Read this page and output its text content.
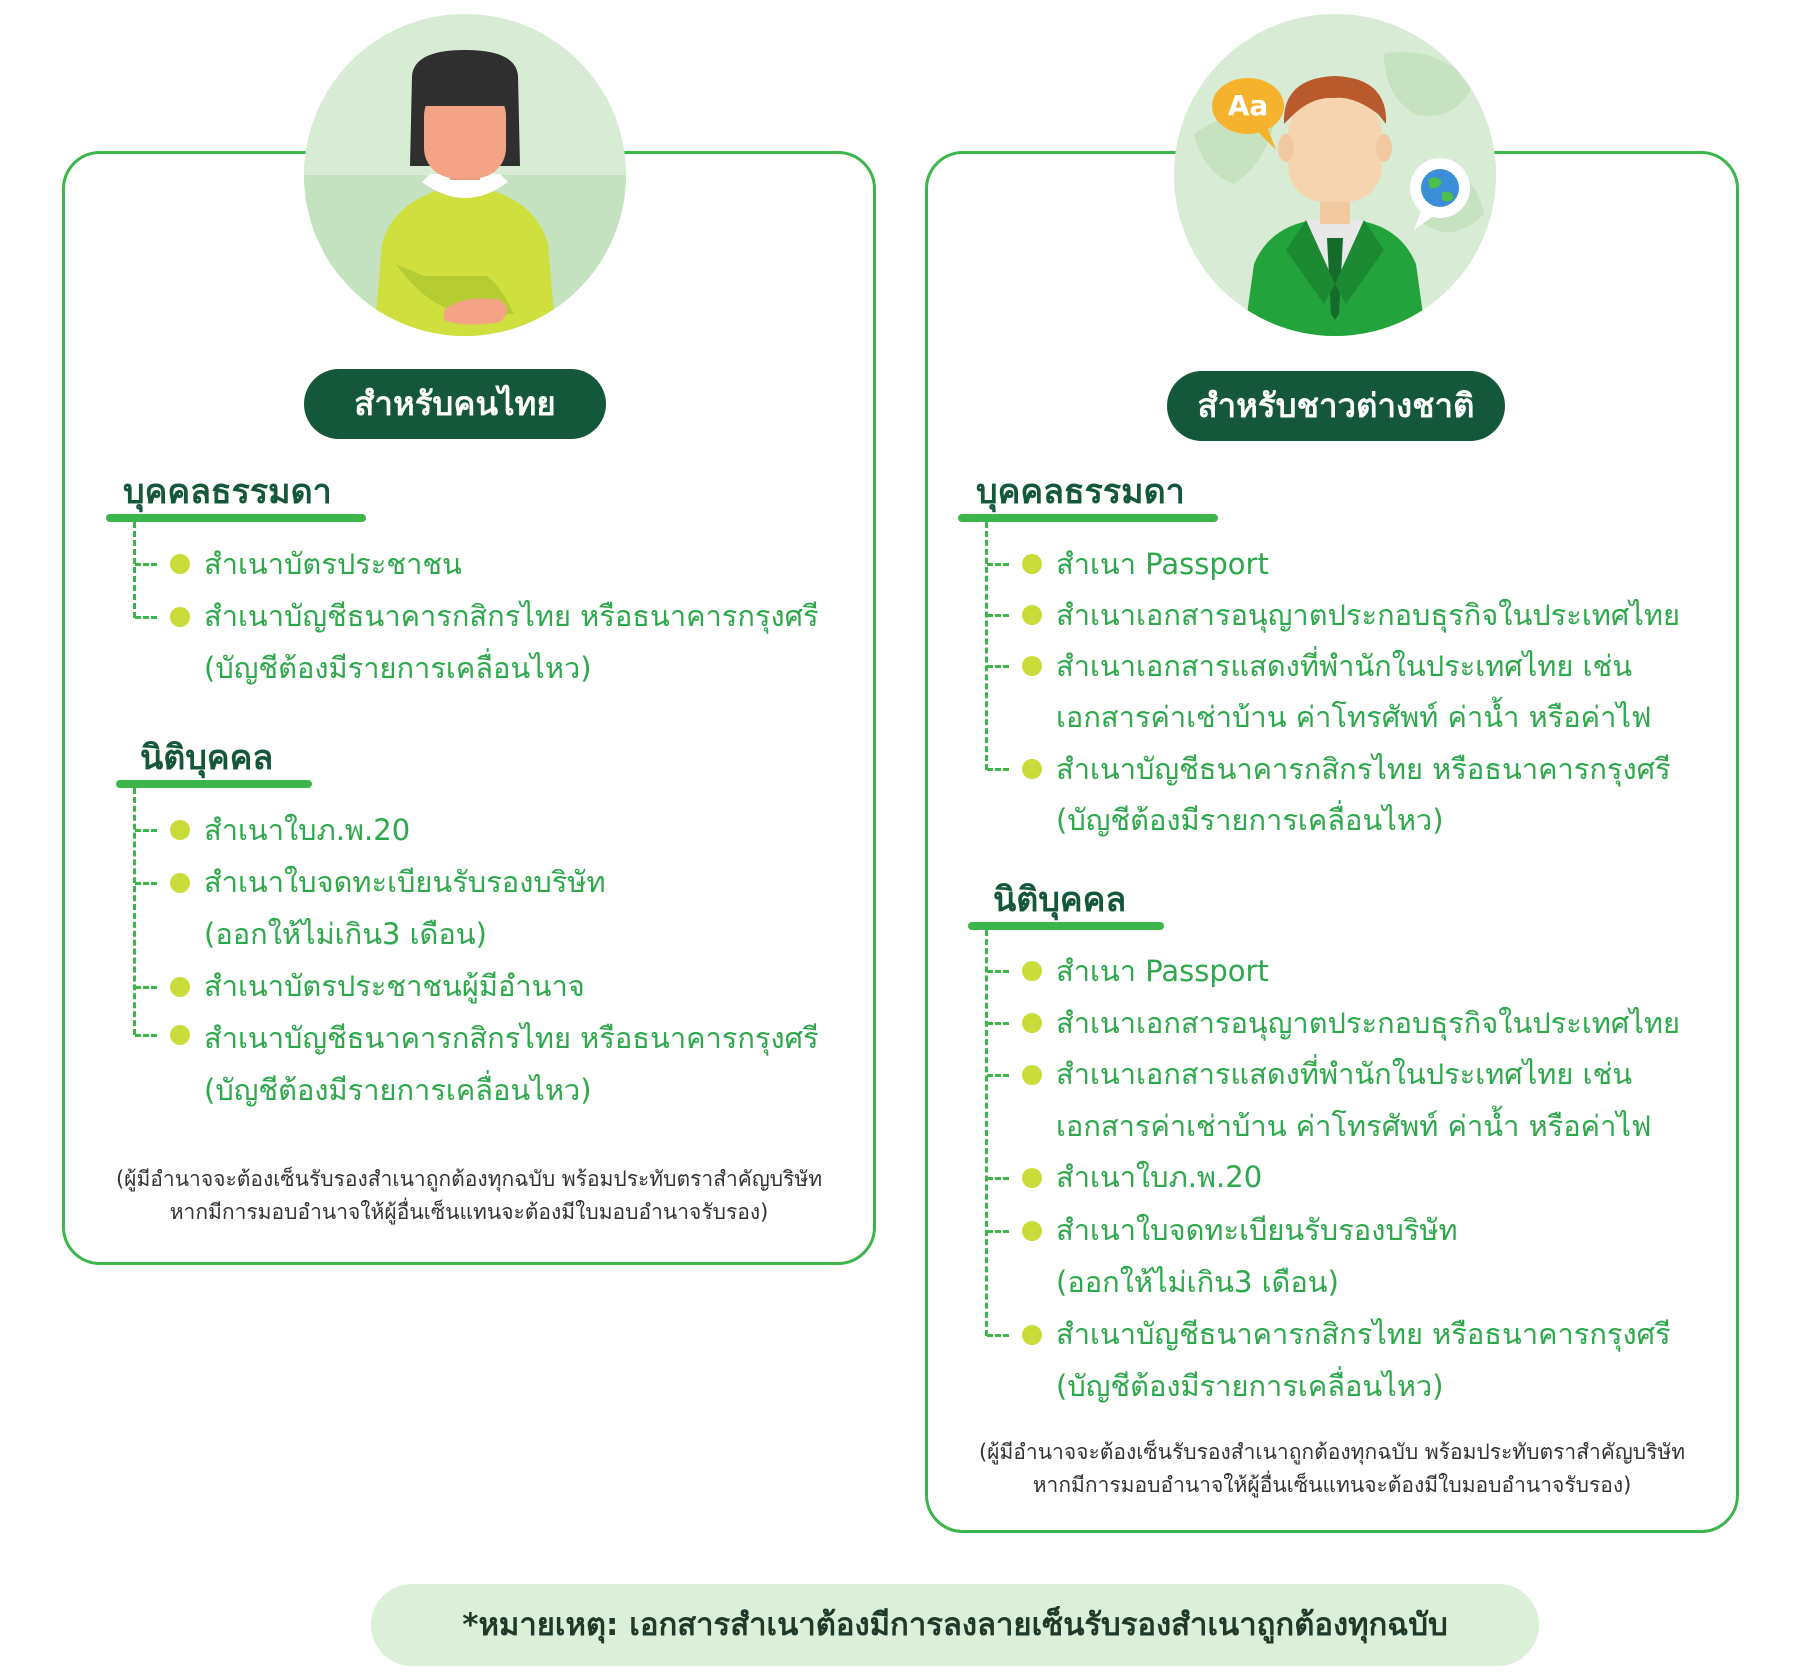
สำหรับคนไทย
บุคคลธรรมดา
สำเนาบัตรประชาชน
สำเนาบัญชีธนาคารกสิกรไทย หรือธนาคารกรุงศรี
(บัญชีต้องมีรายการเคลื่อนไหว)
นิติบุคคล
สำเนาใบภ.พ.20
สำเนาใบจดทะเบียนรับรองบริษัท
(ออกให้ไม่เกิน3 เดือน)
สำเนาบัตรประชาชนผู้มีอำนาจ
สำเนาบัญชีธนาคารกสิกรไทย หรือธนาคารกรุงศรี
(บัญชีต้องมีรายการเคลื่อนไหว)
(ผู้มีอำนาจจะต้องเซ็นรับรองสำเนาถูกต้องทุกฉบับ พร้อมประทับตราสำคัญบริษัท
หากมีการมอบอำนาจให้ผู้อื่นเซ็นแทนจะต้องมีใบมอบอำนาจรับรอง)
Aa
สำหรับชาวต่างชาติ
บุคคลธรรมดา
สำเนา Passport
สำเนาเอกสารอนุญาตประกอบธุรกิจในประเทศไทย
สำเนาเอกสารแสดงที่พำนักในประเทศไทย เช่น
เอกสารค่าเช่าบ้าน ค่าโทรศัพท์ ค่าน้ำ หรือค่าไฟ
สำเนาบัญชีธนาคารกสิกรไทย หรือธนาคารกรุงศรี
(บัญชีต้องมีรายการเคลื่อนไหว)
นิติบุคคล
สำเนา Passport
สำเนาเอกสารอนุญาตประกอบธุรกิจในประเทศไทย
สำเนาเอกสารแสดงที่พำนักในประเทศไทย เช่น
เอกสารค่าเช่าบ้าน ค่าโทรศัพท์ ค่าน้ำ หรือค่าไฟ
สำเนาใบภ.พ.20
สำเนาใบจดทะเบียนรับรองบริษัท
(ออกให้ไม่เกิน3 เดือน)
สำเนาบัญชีธนาคารกสิกรไทย หรือธนาคารกรุงศรี
(บัญชีต้องมีรายการเคลื่อนไหว)
(ผู้มีอำนาจจะต้องเซ็นรับรองสำเนาถูกต้องทุกฉบับ พร้อมประทับตราสำคัญบริษัท
หากมีการมอบอำนาจให้ผู้อื่นเซ็นแทนจะต้องมีใบมอบอำนาจรับรอง)
*หมายเหตุ: เอกสารสำเนาต้องมีการลงลายเซ็นรับรองสำเนาถูกต้องทุกฉบับ
